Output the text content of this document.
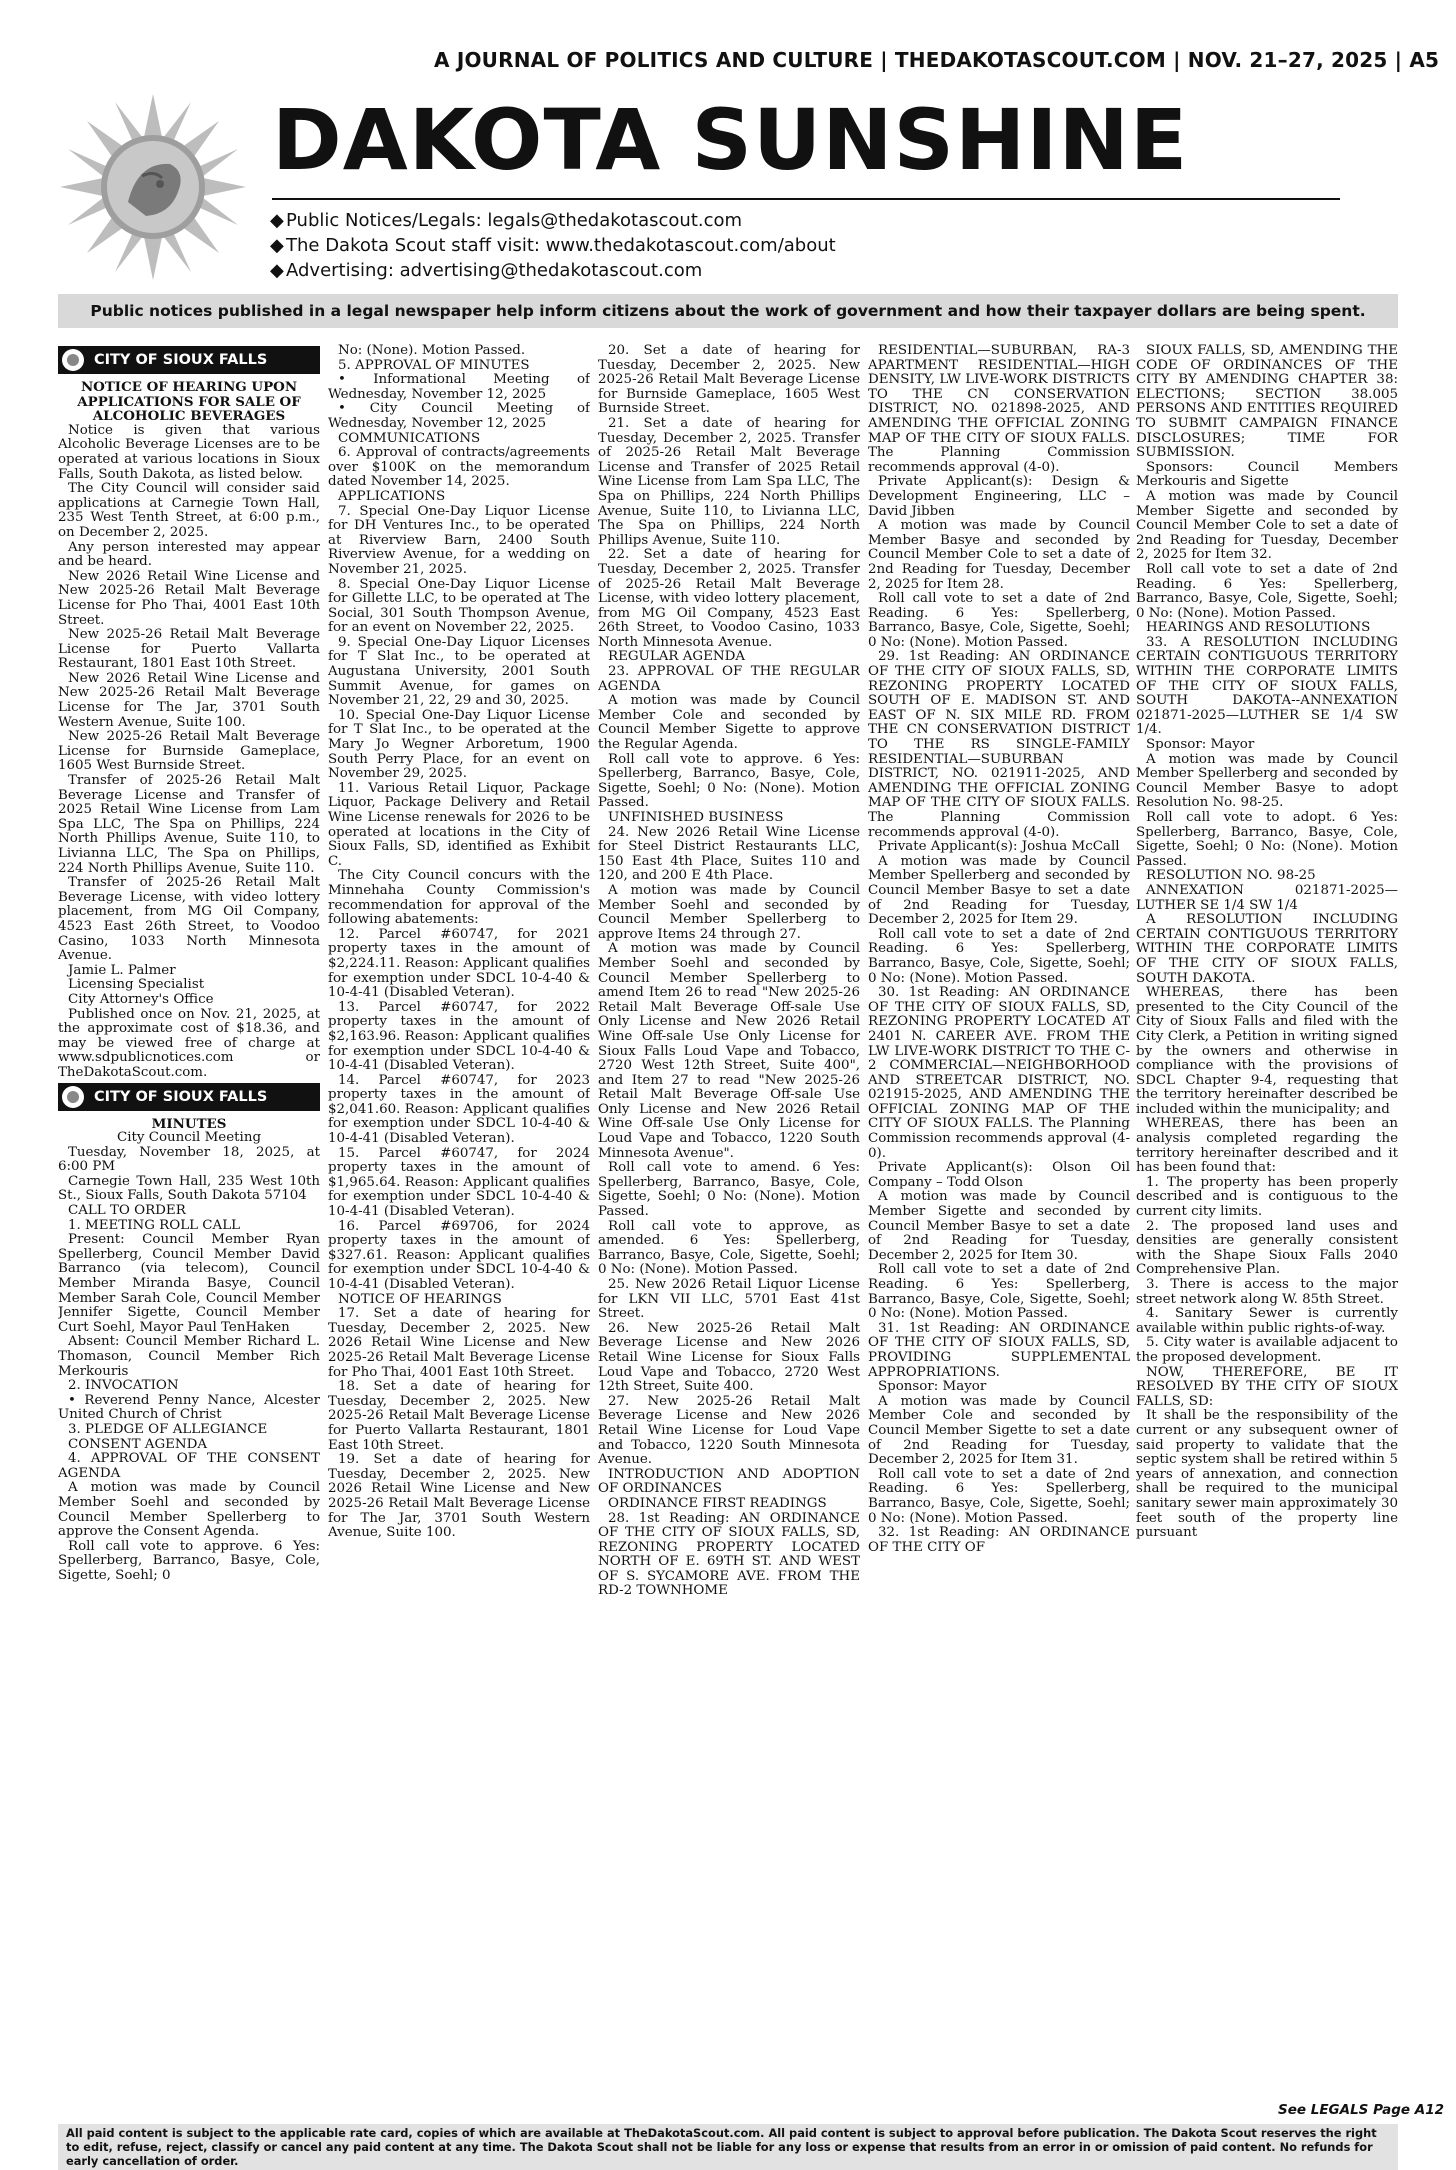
A JOURNAL OF POLITICS AND CULTURE | THEDAKOTASCOUT.COM | NOV. 21–27, 2025 | A5
DAKOTA SUNSHINE
◆ Public Notices/Legals: legals@thedakotascout.com
◆ The Dakota Scout staff visit: www.thedakotascout.com/about
◆ Advertising: advertising@thedakotascout.com
Public notices published in a legal newspaper help inform citizens about the work of government and how their taxpayer dollars are being spent.
CITY OF SIOUX FALLS

NOTICE OF HEARING UPON APPLICATIONS FOR SALE OF ALCOHOLIC BEVERAGES

Notice is given that various Alcoholic Beverage Licenses are to be operated at various locations in Sioux Falls, South Dakota, as listed below.

The City Council will consider said applications at Carnegie Town Hall, 235 West Tenth Street, at 6:00 p.m., on December 2, 2025.

Any person interested may appear and be heard.

New 2026 Retail Wine License and New 2025-26 Retail Malt Beverage License for Pho Thai, 4001 East 10th Street.

New 2025-26 Retail Malt Beverage License for Puerto Vallarta Restaurant, 1801 East 10th Street.

New 2026 Retail Wine License and New 2025-26 Retail Malt Beverage License for The Jar, 3701 South Western Avenue, Suite 100.

New 2025-26 Retail Malt Beverage License for Burnside Gameplace, 1605 West Burnside Street.

Transfer of 2025-26 Retail Malt Beverage License and Transfer of 2025 Retail Wine License from Lam Spa LLC, The Spa on Phillips, 224 North Phillips Avenue, Suite 110, to Livianna LLC, The Spa on Phillips, 224 North Phillips Avenue, Suite 110.

Transfer of 2025-26 Retail Malt Beverage License, with video lottery placement, from MG Oil Company, 4523 East 26th Street, to Voodoo Casino, 1033 North Minnesota Avenue.

Jamie L. Palmer

Licensing Specialist

City Attorney's Office

Published once on Nov. 21, 2025, at the approximate cost of $18.36, and may be viewed free of charge at www.sdpublicnotices.com or TheDakotaScout.com.

CITY OF SIOUX FALLS

MINUTES

City Council Meeting

Tuesday, November 18, 2025, at 6:00 PM

Carnegie Town Hall, 235 West 10th St., Sioux Falls, South Dakota 57104

CALL TO ORDER

1. MEETING ROLL CALL

Present: Council Member Ryan Spellerberg, Council Member David Barranco (via telecom), Council Member Miranda Basye, Council Member Sarah Cole, Council Member Jennifer Sigette, Council Member Curt Soehl, Mayor Paul TenHaken

Absent: Council Member Richard L. Thomason, Council Member Rich Merkouris

2. INVOCATION

• Reverend Penny Nance, Alcester United Church of Christ

3. PLEDGE OF ALLEGIANCE

CONSENT AGENDA

4. APPROVAL OF THE CONSENT AGENDA

A motion was made by Council Member Soehl and seconded by Council Member Spellerberg to approve the Consent Agenda.

Roll call vote to approve. 6 Yes: Spellerberg, Barranco, Basye, Cole, Sigette, Soehl; 0

No: (None). Motion Passed.

5. APPROVAL OF MINUTES

• Informational Meeting of Wednesday, November 12, 2025

• City Council Meeting of Wednesday, November 12, 2025

COMMUNICATIONS

6. Approval of contracts/agreements over $100K on the memorandum dated November 14, 2025.

APPLICATIONS

7. Special One-Day Liquor License for DH Ventures Inc., to be operated at Riverview Barn, 2400 South Riverview Avenue, for a wedding on November 21, 2025.

8. Special One-Day Liquor License for Gillette LLC, to be operated at The Social, 301 South Thompson Avenue, for an event on November 22, 2025.

9. Special One-Day Liquor Licenses for T Slat Inc., to be operated at Augustana University, 2001 South Summit Avenue, for games on November 21, 22, 29 and 30, 2025.

10. Special One-Day Liquor License for T Slat Inc., to be operated at the Mary Jo Wegner Arboretum, 1900 South Perry Place, for an event on November 29, 2025.

11. Various Retail Liquor, Package Liquor, Package Delivery and Retail Wine License renewals for 2026 to be operated at locations in the City of Sioux Falls, SD, identified as Exhibit C.

The City Council concurs with the Minnehaha County Commission's recommendation for approval of the following abatements:

12. Parcel #60747, for 2021 property taxes in the amount of $2,224.11. Reason: Applicant qualifies for exemption under SDCL 10-4-40 & 10-4-41 (Disabled Veteran).

13. Parcel #60747, for 2022 property taxes in the amount of $2,163.96. Reason: Applicant qualifies for exemption under SDCL 10-4-40 & 10-4-41 (Disabled Veteran).

14. Parcel #60747, for 2023 property taxes in the amount of $2,041.60. Reason: Applicant qualifies for exemption under SDCL 10-4-40 & 10-4-41 (Disabled Veteran).

15. Parcel #60747, for 2024 property taxes in the amount of $1,965.64. Reason: Applicant qualifies for exemption under SDCL 10-4-40 & 10-4-41 (Disabled Veteran).

16. Parcel #69706, for 2024 property taxes in the amount of $327.61. Reason: Applicant qualifies for exemption under SDCL 10-4-40 & 10-4-41 (Disabled Veteran).

NOTICE OF HEARINGS

17. Set a date of hearing for Tuesday, December 2, 2025. New 2026 Retail Wine License and New 2025-26 Retail Malt Beverage License for Pho Thai, 4001 East 10th Street.

18. Set a date of hearing for Tuesday, December 2, 2025. New 2025-26 Retail Malt Beverage License for Puerto Vallarta Restaurant, 1801 East 10th Street.

19. Set a date of hearing for Tuesday, December 2, 2025. New 2026 Retail Wine License and New 2025-26 Retail Malt Beverage License for The Jar, 3701 South Western Avenue, Suite 100.

20. Set a date of hearing for Tuesday, December 2, 2025. New 2025-26 Retail Malt Beverage License for Burnside Gameplace, 1605 West Burnside Street.

21. Set a date of hearing for Tuesday, December 2, 2025. Transfer of 2025-26 Retail Malt Beverage License and Transfer of 2025 Retail Wine License from Lam Spa LLC, The Spa on Phillips, 224 North Phillips Avenue, Suite 110, to Livianna LLC, The Spa on Phillips, 224 North Phillips Avenue, Suite 110.

22. Set a date of hearing for Tuesday, December 2, 2025. Transfer of 2025-26 Retail Malt Beverage License, with video lottery placement, from MG Oil Company, 4523 East 26th Street, to Voodoo Casino, 1033 North Minnesota Avenue.

REGULAR AGENDA

23. APPROVAL OF THE REGULAR AGENDA

A motion was made by Council Member Cole and seconded by Council Member Sigette to approve the Regular Agenda.

Roll call vote to approve. 6 Yes: Spellerberg, Barranco, Basye, Cole, Sigette, Soehl; 0 No: (None). Motion Passed.

UNFINISHED BUSINESS

24. New 2026 Retail Wine License for Steel District Restaurants LLC, 150 East 4th Place, Suites 110 and 120, and 200 E 4th Place.

A motion was made by Council Member Soehl and seconded by Council Member Spellerberg to approve Items 24 through 27.

A motion was made by Council Member Soehl and seconded by Council Member Spellerberg to amend Item 26 to read "New 2025-26 Retail Malt Beverage Off-sale Use Only License and New 2026 Retail Wine Off-sale Use Only License for Sioux Falls Loud Vape and Tobacco, 2720 West 12th Street, Suite 400", and Item 27 to read "New 2025-26 Retail Malt Beverage Off-sale Use Only License and New 2026 Retail Wine Off-sale Use Only License for Loud Vape and Tobacco, 1220 South Minnesota Avenue".

Roll call vote to amend. 6 Yes: Spellerberg, Barranco, Basye, Cole, Sigette, Soehl; 0 No: (None). Motion Passed.

Roll call vote to approve, as amended. 6 Yes: Spellerberg, Barranco, Basye, Cole, Sigette, Soehl; 0 No: (None). Motion Passed.

25. New 2026 Retail Liquor License for LKN VII LLC, 5701 East 41st Street.

26. New 2025-26 Retail Malt Beverage License and New 2026 Retail Wine License for Sioux Falls Loud Vape and Tobacco, 2720 West 12th Street, Suite 400.

27. New 2025-26 Retail Malt Beverage License and New 2026 Retail Wine License for Loud Vape and Tobacco, 1220 South Minnesota Avenue.

INTRODUCTION AND ADOPTION OF ORDINANCES

ORDINANCE FIRST READINGS

28. 1st Reading: AN ORDINANCE OF THE CITY OF SIOUX FALLS, SD, REZONING PROPERTY LOCATED NORTH OF E. 69TH ST. AND WEST OF S. SYCAMORE AVE. FROM THE RD-2 TOWNHOME

RESIDENTIAL—SUBURBAN, RA-3 APARTMENT RESIDENTIAL—HIGH DENSITY, LW LIVE-WORK DISTRICTS TO THE CN CONSERVATION DISTRICT, NO. 021898-2025, AND AMENDING THE OFFICIAL ZONING MAP OF THE CITY OF SIOUX FALLS. The Planning Commission recommends approval (4-0).

Private Applicant(s): Design & Development Engineering, LLC – David Jibben

A motion was made by Council Member Basye and seconded by Council Member Cole to set a date of 2nd Reading for Tuesday, December 2, 2025 for Item 28.

Roll call vote to set a date of 2nd Reading. 6 Yes: Spellerberg, Barranco, Basye, Cole, Sigette, Soehl; 0 No: (None). Motion Passed.

29. 1st Reading: AN ORDINANCE OF THE CITY OF SIOUX FALLS, SD, REZONING PROPERTY LOCATED SOUTH OF E. MADISON ST. AND EAST OF N. SIX MILE RD. FROM THE CN CONSERVATION DISTRICT TO THE RS SINGLE-FAMILY RESIDENTIAL—SUBURBAN DISTRICT, NO. 021911-2025, AND AMENDING THE OFFICIAL ZONING MAP OF THE CITY OF SIOUX FALLS. The Planning Commission recommends approval (4-0).

Private Applicant(s): Joshua McCall

A motion was made by Council Member Spellerberg and seconded by Council Member Basye to set a date of 2nd Reading for Tuesday, December 2, 2025 for Item 29.

Roll call vote to set a date of 2nd Reading. 6 Yes: Spellerberg, Barranco, Basye, Cole, Sigette, Soehl; 0 No: (None). Motion Passed.

30. 1st Reading: AN ORDINANCE OF THE CITY OF SIOUX FALLS, SD, REZONING PROPERTY LOCATED AT 2401 N. CAREER AVE. FROM THE LW LIVE-WORK DISTRICT TO THE C-2 COMMERCIAL—NEIGHBORHOOD AND STREETCAR DISTRICT, NO. 021915-2025, AND AMENDING THE OFFICIAL ZONING MAP OF THE CITY OF SIOUX FALLS. The Planning Commission recommends approval (4-0).

Private Applicant(s): Olson Oil Company – Todd Olson

A motion was made by Council Member Sigette and seconded by Council Member Basye to set a date of 2nd Reading for Tuesday, December 2, 2025 for Item 30.

Roll call vote to set a date of 2nd Reading. 6 Yes: Spellerberg, Barranco, Basye, Cole, Sigette, Soehl; 0 No: (None). Motion Passed.

31. 1st Reading: AN ORDINANCE OF THE CITY OF SIOUX FALLS, SD, PROVIDING SUPPLEMENTAL APPROPRIATIONS.

Sponsor: Mayor

A motion was made by Council Member Cole and seconded by Council Member Sigette to set a date of 2nd Reading for Tuesday, December 2, 2025 for Item 31.

Roll call vote to set a date of 2nd Reading. 6 Yes: Spellerberg, Barranco, Basye, Cole, Sigette, Soehl; 0 No: (None). Motion Passed.

32. 1st Reading: AN ORDINANCE OF THE CITY OF

SIOUX FALLS, SD, AMENDING THE CODE OF ORDINANCES OF THE CITY BY AMENDING CHAPTER 38: ELECTIONS; SECTION 38.005 PERSONS AND ENTITIES REQUIRED TO SUBMIT CAMPAIGN FINANCE DISCLOSURES; TIME FOR SUBMISSION.

Sponsors: Council Members Merkouris and Sigette

A motion was made by Council Member Sigette and seconded by Council Member Cole to set a date of 2nd Reading for Tuesday, December 2, 2025 for Item 32.

Roll call vote to set a date of 2nd Reading. 6 Yes: Spellerberg, Barranco, Basye, Cole, Sigette, Soehl; 0 No: (None). Motion Passed.

HEARINGS AND RESOLUTIONS

33. A RESOLUTION INCLUDING CERTAIN CONTIGUOUS TERRITORY WITHIN THE CORPORATE LIMITS OF THE CITY OF SIOUX FALLS, SOUTH DAKOTA--ANNEXATION 021871-2025—LUTHER SE 1/4 SW 1/4.

Sponsor: Mayor

A motion was made by Council Member Spellerberg and seconded by Council Member Basye to adopt Resolution No. 98-25.

Roll call vote to adopt. 6 Yes: Spellerberg, Barranco, Basye, Cole, Sigette, Soehl; 0 No: (None). Motion Passed.

RESOLUTION NO. 98-25

ANNEXATION 021871-2025—LUTHER SE 1/4 SW 1/4

A RESOLUTION INCLUDING CERTAIN CONTIGUOUS TERRITORY WITHIN THE CORPORATE LIMITS OF THE CITY OF SIOUX FALLS, SOUTH DAKOTA.

WHEREAS, there has been presented to the City Council of the City of Sioux Falls and filed with the City Clerk, a Petition in writing signed by the owners and otherwise in compliance with the provisions of SDCL Chapter 9-4, requesting that the territory hereinafter described be included within the municipality; and

WHEREAS, there has been an analysis completed regarding the territory hereinafter described and it has been found that:

1. The property has been properly described and is contiguous to the current city limits.

2. The proposed land uses and densities are generally consistent with the Shape Sioux Falls 2040 Comprehensive Plan.

3. There is access to the major street network along W. 85th Street.

4. Sanitary Sewer is currently available within public rights-of-way.

5. City water is available adjacent to the proposed development.

NOW, THEREFORE, BE IT RESOLVED BY THE CITY OF SIOUX FALLS, SD:

It shall be the responsibility of the current or any subsequent owner of said property to validate that the septic system shall be retired within 5 years of annexation, and connection shall be required to the municipal sanitary sewer main approximately 30 feet south of the property line pursuant

See LEGALS Page A12
All paid content is subject to the applicable rate card, copies of which are available at TheDakotaScout.com. All paid content is subject to approval before publication. The Dakota Scout reserves the right to edit, refuse, reject, classify or cancel any paid content at any time. The Dakota Scout shall not be liable for any loss or expense that results from an error in or omission of paid content. No refunds for early cancellation of order.
